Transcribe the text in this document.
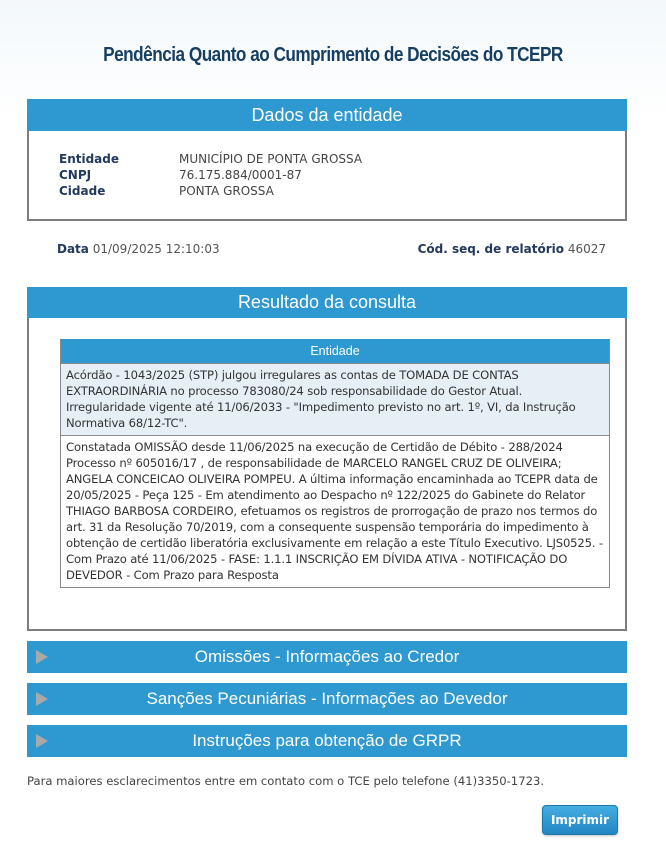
Pendência Quanto ao Cumprimento de Decisões do TCEPR
Dados da entidade
Entidade	MUNICÍPIO DE PONTA GROSSA
CNPJ	76.175.884/0001-87
Cidade	PONTA GROSSA
Data 01/09/2025 12:10:03	Cód. seq. de relatório 46027
Resultado da consulta
Entidade
Acórdão - 1043/2025 (STP) julgou irregulares as contas de TOMADA DE CONTAS EXTRAORDINÁRIA no processo 783080/24 sob responsabilidade do Gestor Atual. Irregularidade vigente até 11/06/2033 - "Impedimento previsto no art. 1º, VI, da Instrução Normativa 68/12-TC".
Constatada OMISSÃO desde 11/06/2025 na execução de Certidão de Débito - 288/2024 Processo nº 605016/17 , de responsabilidade de MARCELO RANGEL CRUZ DE OLIVEIRA; ANGELA CONCEICAO OLIVEIRA POMPEU. A última informação encaminhada ao TCEPR data de 20/05/2025 - Peça 125 - Em atendimento ao Despacho nº 122/2025 do Gabinete do Relator THIAGO BARBOSA CORDEIRO, efetuamos os registros de prorrogação de prazo nos termos do art. 31 da Resolução 70/2019, com a consequente suspensão temporária do impedimento à obtenção de certidão liberatória exclusivamente em relação a este Título Executivo. LJS0525. - Com Prazo até 11/06/2025 - FASE: 1.1.1 INSCRIÇÃO EM DÍVIDA ATIVA - NOTIFICAÇÃO DO DEVEDOR - Com Prazo para Resposta
Omissões - Informações ao Credor
Sanções Pecuniárias - Informações ao Devedor
Instruções para obtenção de GRPR
Para maiores esclarecimentos entre em contato com o TCE pelo telefone (41)3350-1723.
Imprimir
